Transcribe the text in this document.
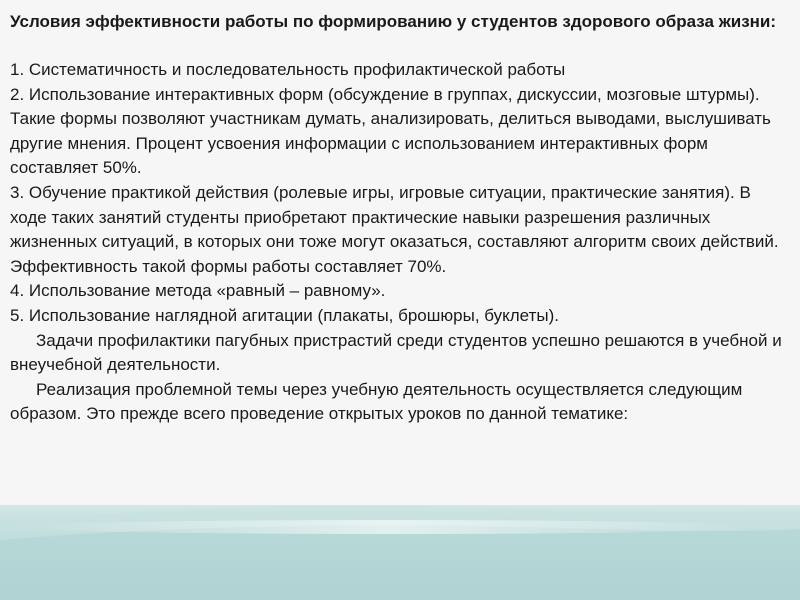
Условия эффективности работы по формированию у студентов здорового образа жизни:
1. Систематичность и последовательность профилактической работы
2. Использование интерактивных форм (обсуждение в группах, дискуссии, мозговые штурмы). Такие формы позволяют участникам думать, анализировать, делиться выводами, выслушивать другие мнения. Процент усвоения информации с использованием интерактивных форм составляет 50%.
3. Обучение практикой действия (ролевые игры, игровые ситуации, практические занятия). В ходе таких занятий студенты приобретают практические навыки разрешения различных жизненных ситуаций, в которых они тоже могут оказаться, составляют алгоритм своих действий. Эффективность такой формы работы составляет 70%.
4. Использование метода «равный – равному».
5. Использование наглядной агитации (плакаты, брошюры, буклеты).

Задачи профилактики пагубных пристрастий среди студентов успешно решаются в учебной и внеучебной деятельности.

Реализация проблемной темы через учебную деятельность осуществляется следующим образом. Это прежде всего проведение открытых уроков по данной тематике:
